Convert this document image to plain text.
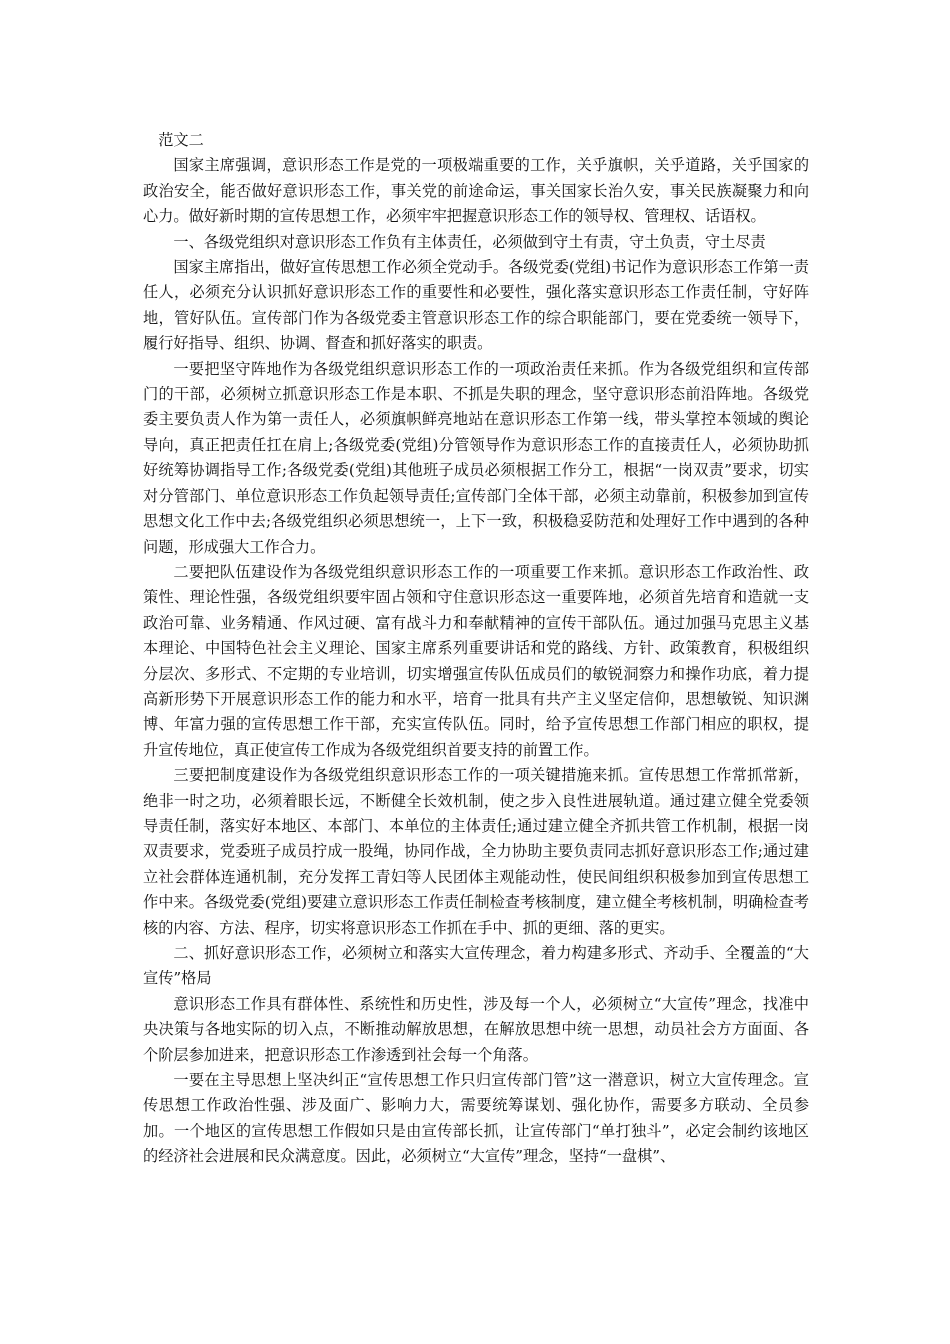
范文二

国家主席强调，意识形态工作是党的一项极端重要的工作，关乎旗帜，关乎道路，关乎国家的政治安全，能否做好意识形态工作，事关党的前途命运，事关国家长治久安，事关民族凝聚力和向心力。做好新时期的宣传思想工作，必须牢牢把握意识形态工作的领导权、管理权、话语权。

一、各级党组织对意识形态工作负有主体责任，必须做到守土有责，守土负责，守土尽责

国家主席指出，做好宣传思想工作必须全党动手。各级党委(党组)书记作为意识形态工作第一责任人，必须充分认识抓好意识形态工作的重要性和必要性，强化落实意识形态工作责任制，守好阵地，管好队伍。宣传部门作为各级党委主管意识形态工作的综合职能部门，要在党委统一领导下，履行好指导、组织、协调、督查和抓好落实的职责。

一要把坚守阵地作为各级党组织意识形态工作的一项政治责任来抓。作为各级党组织和宣传部门的干部，必须树立抓意识形态工作是本职、不抓是失职的理念，坚守意识形态前沿阵地。各级党委主要负责人作为第一责任人，必须旗帜鲜亮地站在意识形态工作第一线，带头掌控本领域的舆论导向，真正把责任扛在肩上;各级党委(党组)分管领导作为意识形态工作的直接责任人，必须协助抓好统筹协调指导工作;各级党委(党组)其他班子成员必须根据工作分工，根据“一岗双责”要求，切实对分管部门、单位意识形态工作负起领导责任;宣传部门全体干部，必须主动靠前，积极参加到宣传思想文化工作中去;各级党组织必须思想统一，上下一致，积极稳妥防范和处理好工作中遇到的各种问题，形成强大工作合力。

二要把队伍建设作为各级党组织意识形态工作的一项重要工作来抓。意识形态工作政治性、政策性、理论性强，各级党组织要牢固占领和守住意识形态这一重要阵地，必须首先培育和造就一支政治可靠、业务精通、作风过硬、富有战斗力和奉献精神的宣传干部队伍。通过加强马克思主义基本理论、中国特色社会主义理论、国家主席系列重要讲话和党的路线、方针、政策教育，积极组织分层次、多形式、不定期的专业培训，切实增强宣传队伍成员们的敏锐洞察力和操作功底，着力提高新形势下开展意识形态工作的能力和水平，培育一批具有共产主义坚定信仰，思想敏锐、知识渊博、年富力强的宣传思想工作干部，充实宣传队伍。同时，给予宣传思想工作部门相应的职权，提升宣传地位，真正使宣传工作成为各级党组织首要支持的前置工作。

三要把制度建设作为各级党组织意识形态工作的一项关键措施来抓。宣传思想工作常抓常新，绝非一时之功，必须着眼长远，不断健全长效机制，使之步入良性进展轨道。通过建立健全党委领导责任制，落实好本地区、本部门、本单位的主体责任;通过建立健全齐抓共管工作机制，根据一岗双责要求，党委班子成员拧成一股绳，协同作战，全力协助主要负责同志抓好意识形态工作;通过建立社会群体连通机制，充分发挥工青妇等人民团体主观能动性，使民间组织积极参加到宣传思想工作中来。各级党委(党组)要建立意识形态工作责任制检查考核制度，建立健全考核机制，明确检查考核的内容、方法、程序，切实将意识形态工作抓在手中、抓的更细、落的更实。

二、抓好意识形态工作，必须树立和落实大宣传理念，着力构建多形式、齐动手、全覆盖的“大宣传”格局

意识形态工作具有群体性、系统性和历史性，涉及每一个人，必须树立“大宣传”理念，找准中央决策与各地实际的切入点，不断推动解放思想，在解放思想中统一思想，动员社会方方面面、各个阶层参加进来，把意识形态工作渗透到社会每一个角落。

一要在主导思想上坚决纠正“宣传思想工作只归宣传部门管”这一潜意识，树立大宣传理念。宣传思想工作政治性强、涉及面广、影响力大，需要统筹谋划、强化协作，需要多方联动、全员参加。一个地区的宣传思想工作假如只是由宣传部长抓，让宣传部门“单打独斗”，必定会制约该地区的经济社会进展和民众满意度。因此，必须树立“大宣传”理念，坚持“一盘棋”、
